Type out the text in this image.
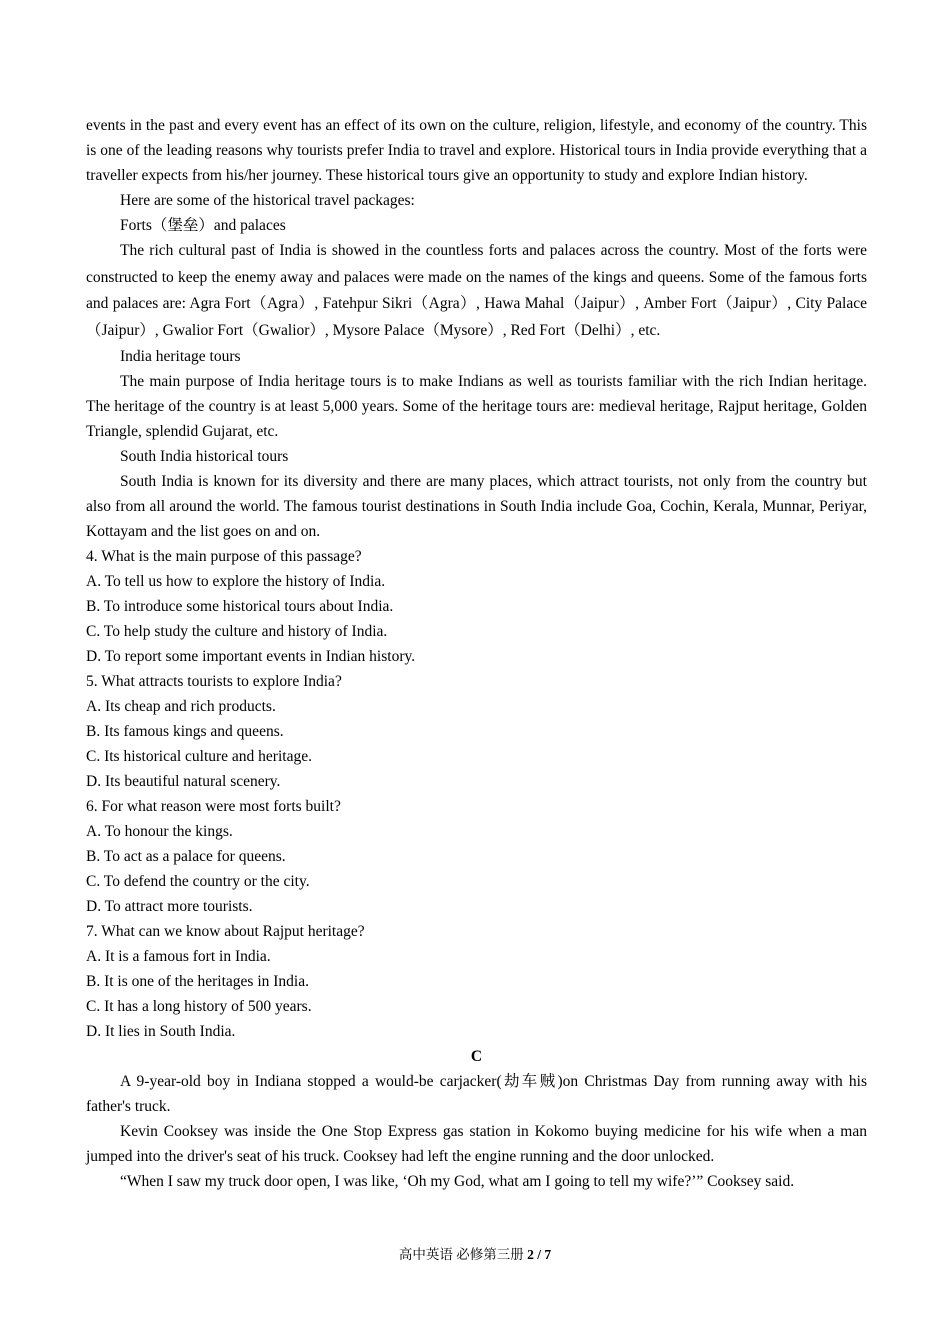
events in the past and every event has an effect of its own on the culture, religion, lifestyle, and economy of the country. This is one of the leading reasons why tourists prefer India to travel and explore. Historical tours in India provide everything that a traveller expects from his/her journey. These historical tours give an opportunity to study and explore Indian history.

Here are some of the historical travel packages:

Forts（堡垒）and palaces

The rich cultural past of India is showed in the countless forts and palaces across the country. Most of the forts were constructed to keep the enemy away and palaces were made on the names of the kings and queens. Some of the famous forts and palaces are: Agra Fort（Agra）, Fatehpur Sikri（Agra）, Hawa Mahal（Jaipur）, Amber Fort（Jaipur）, City Palace（Jaipur）, Gwalior Fort（Gwalior）, Mysore Palace（Mysore）, Red Fort（Delhi）, etc.

India heritage tours

The main purpose of India heritage tours is to make Indians as well as tourists familiar with the rich Indian heritage. The heritage of the country is at least 5,000 years. Some of the heritage tours are: medieval heritage, Rajput heritage, Golden Triangle, splendid Gujarat, etc.

South India historical tours

South India is known for its diversity and there are many places, which attract tourists, not only from the country but also from all around the world. The famous tourist destinations in South India include Goa, Cochin, Kerala, Munnar, Periyar, Kottayam and the list goes on and on.

4. What is the main purpose of this passage?

A. To tell us how to explore the history of India.

B. To introduce some historical tours about India.

C. To help study the culture and history of India.

D. To report some important events in Indian history.

5. What attracts tourists to explore India?

A. Its cheap and rich products.

B. Its famous kings and queens.

C. Its historical culture and heritage.

D. Its beautiful natural scenery.

6. For what reason were most forts built?

A. To honour the kings.

B. To act as a palace for queens.

C. To defend the country or the city.

D. To attract more tourists.

7. What can we know about Rajput heritage?

A. It is a famous fort in India.

B. It is one of the heritages in India.

C. It has a long history of 500 years.

D. It lies in South India.

C

A 9-year-old boy in Indiana stopped a would-be carjacker(劫车贼)on Christmas Day from running away with his father's truck.

Kevin Cooksey was inside the One Stop Express gas station in Kokomo buying medicine for his wife when a man jumped into the driver's seat of his truck. Cooksey had left the engine running and the door unlocked.

“When I saw my truck door open, I was like, ‘Oh my God, what am I going to tell my wife?’” Cooksey said.

高中英语 必修第三册 2 / 7
